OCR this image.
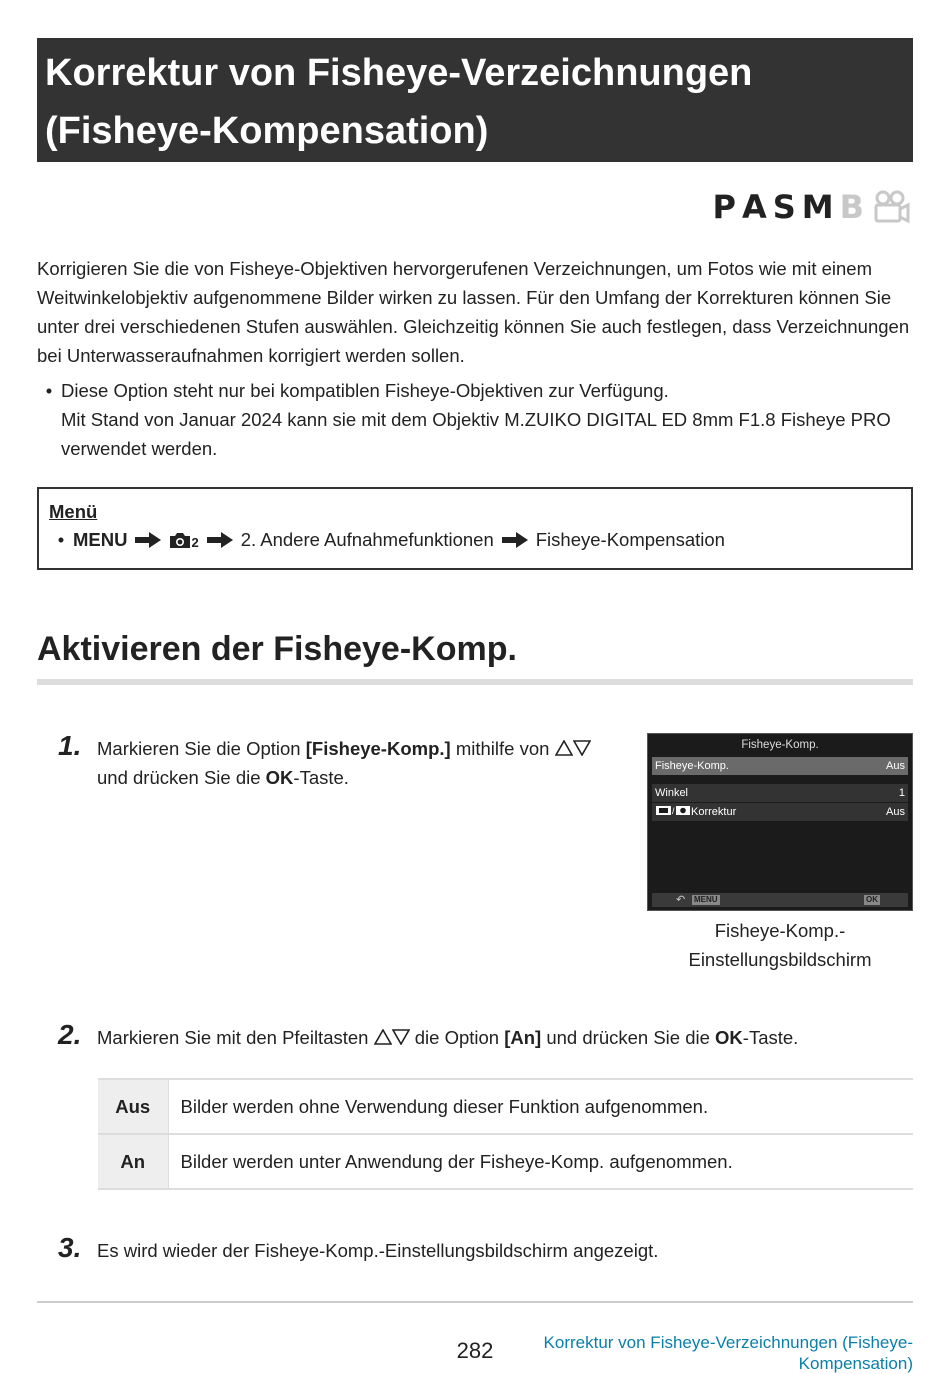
Korrektur von Fisheye-Verzeichnungen
(Fisheye-Kompensation)
P A S M B

Korrigieren Sie die von Fisheye-Objektiven hervorgerufenen Verzeichnungen, um Fotos wie mit einem Weitwinkelobjektiv aufgenommene Bilder wirken zu lassen. Für den Umfang der Korrekturen können Sie unter drei verschiedenen Stufen auswählen. Gleichzeitig können Sie auch festlegen, dass Verzeichnungen bei Unterwasseraufnahmen korrigiert werden sollen.

• Diese Option steht nur bei kompatiblen Fisheye-Objektiven zur Verfügung.
Mit Stand von Januar 2024 kann sie mit dem Objektiv M.ZUIKO DIGITAL ED 8mm F1.8 Fisheye PRO verwendet werden.
Menü
• MENU	2 2. Andere Aufnahmefunktionen Fisheye-Kompensation
Aktivieren der Fisheye-Komp.
1. Markieren Sie die Option [Fisheye-Komp.] mithilfe von
und drücken Sie die OK-Taste.
Fisheye-Komp.
Fisheye-Komp.	Aus
Winkel	1
/ Korrektur	Aus
↶ MENU	OK
Fisheye-Komp.-
Einstellungsbildschirm
2. Markieren Sie mit den Pfeiltasten  die Option [An] und drücken Sie die OK-Taste.
Aus	Bilder werden ohne Verwendung dieser Funktion aufgenommen.
An	Bilder werden unter Anwendung der Fisheye-Komp. aufgenommen.
3. Es wird wieder der Fisheye-Komp.-Einstellungsbildschirm angezeigt.
282	Korrektur von Fisheye-Verzeichnungen (Fisheye-
Kompensation)
